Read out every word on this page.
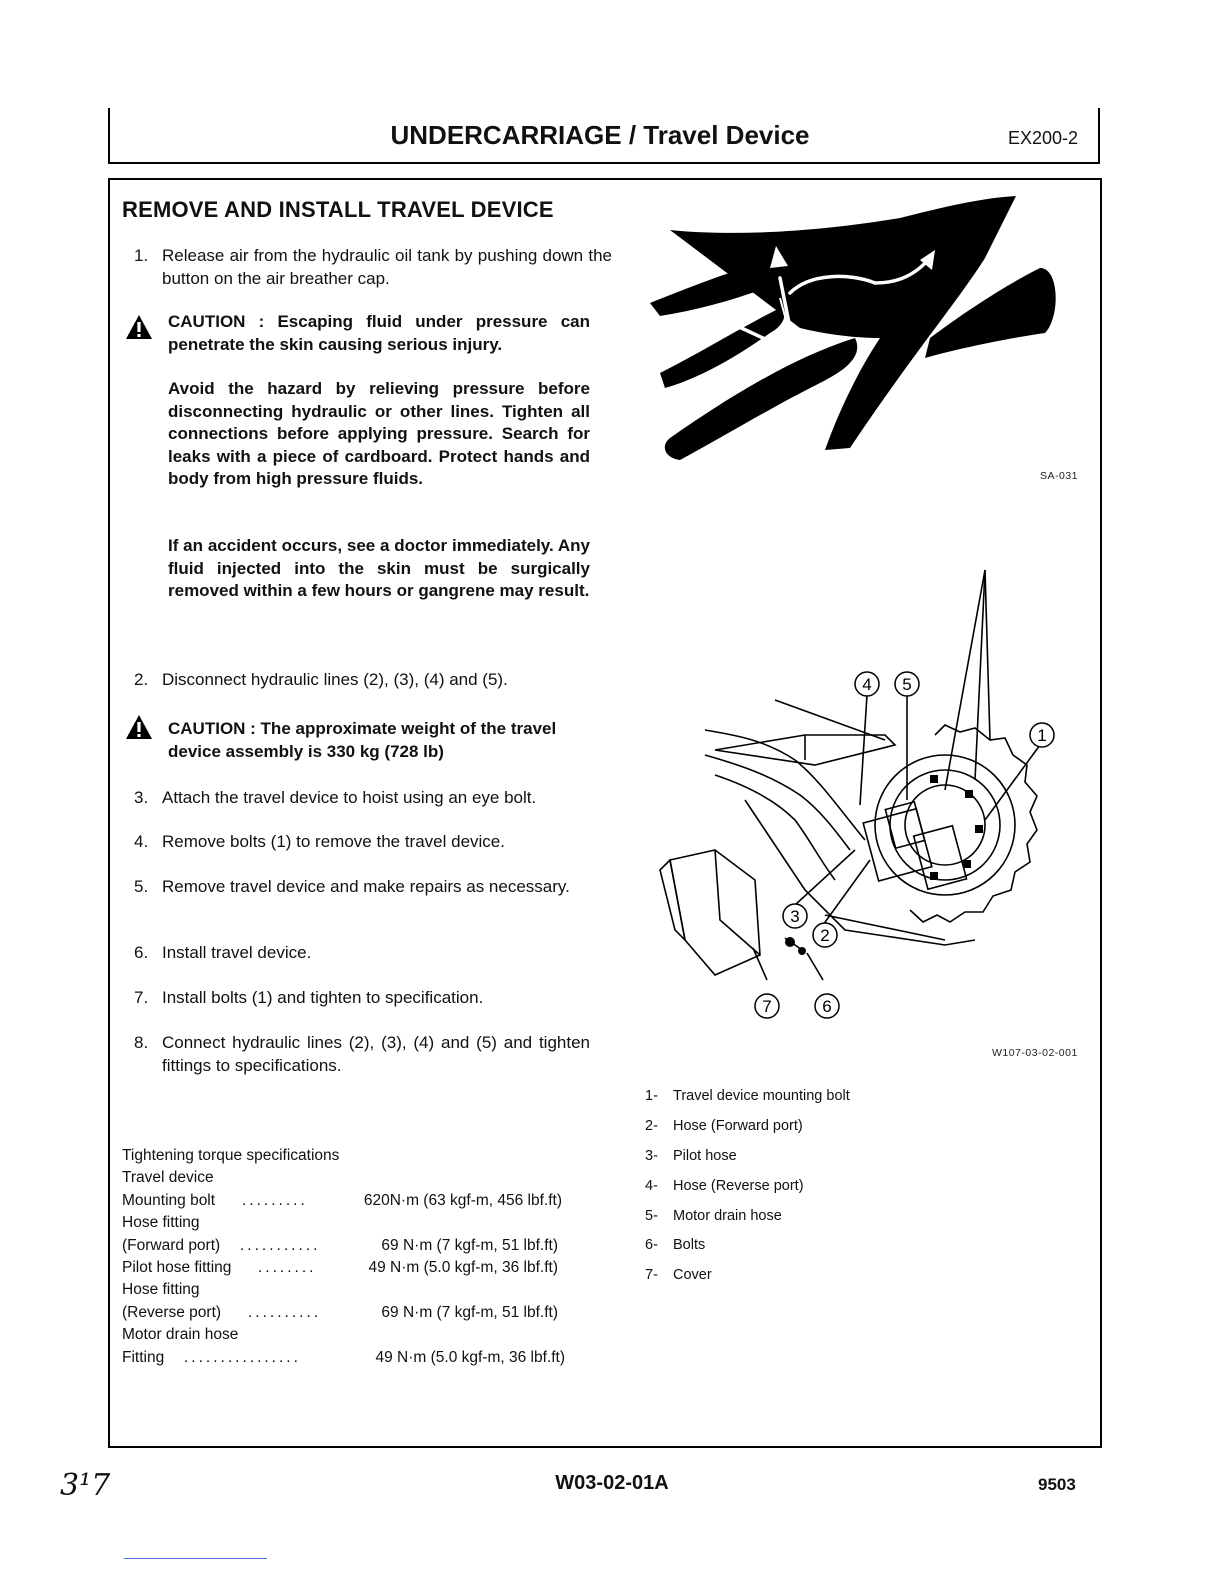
UNDERCARRIAGE / Travel Device	EX200-2
REMOVE AND INSTALL TRAVEL DEVICE
1. Release air from the hydraulic oil tank by pushing down the button on the air breather cap.
CAUTION : Escaping fluid under pressure can penetrate the skin causing serious injury.
Avoid the hazard by relieving pressure before disconnecting hydraulic or other lines. Tighten all connections before applying pressure. Search for leaks with a piece of cardboard. Protect hands and body from high pressure fluids.
If an accident occurs, see a doctor immediately. Any fluid injected into the skin must be surgically removed within a few hours or gangrene may result.
2. Disconnect hydraulic lines (2), (3), (4) and (5).
CAUTION : The approximate weight of the travel device assembly is 330 kg (728 lb)
3. Attach the travel device to hoist using an eye bolt.
4. Remove bolts (1) to remove the travel device.
5. Remove travel device and make repairs as necessary.
6. Install travel device.
7. Install bolts (1) and tighten to specification.
8. Connect hydraulic lines (2), (3), (4) and (5) and tighten fittings to specifications.
Tightening torque specifications
Travel device
Mounting bolt .........	620N·m (63 kgf-m, 456 lbf.ft)
Hose fitting
(Forward port) ...........	69 N·m (7 kgf-m, 51 lbf.ft)
Pilot hose fitting ........	49 N·m (5.0 kgf-m, 36 lbf.ft)
Hose fitting
(Reverse port) ..........	69 N·m (7 kgf-m, 51 lbf.ft)
Motor drain hose
Fitting ................	49 N·m (5.0 kgf-m, 36 lbf.ft)
SA-031
4 5
1
3
2
7	6
W107-03-02-001
1- Travel device mounting bolt
2- Hose (Forward port)
3- Pilot hose
4- Hose (Reverse port)
5- Motor drain hose
6- Bolts
7- Cover
3¹7	W03-02-01A	9503
